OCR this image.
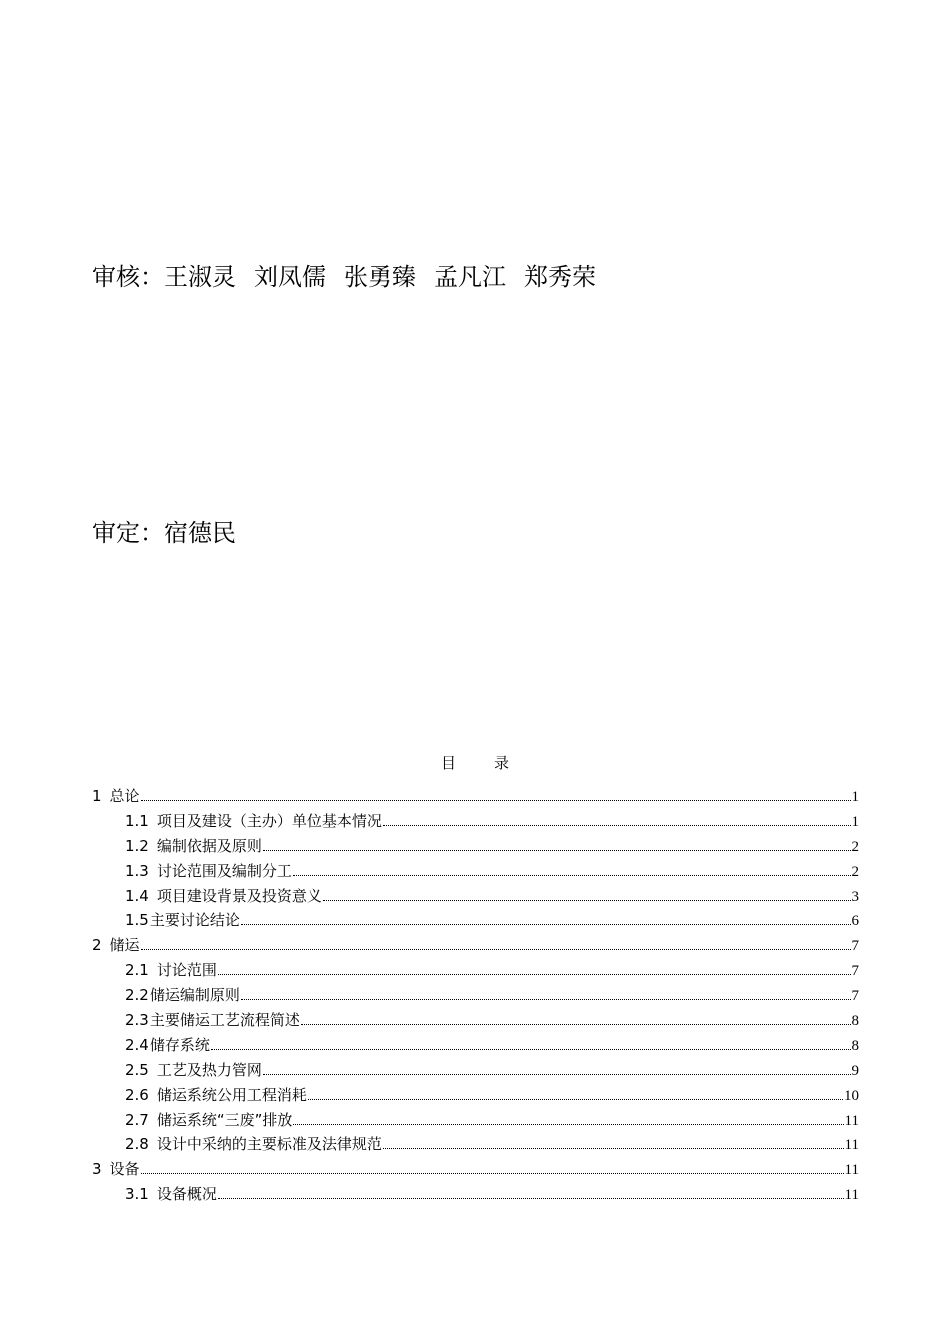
审核：王淑灵 刘凤儒 张勇臻 孟凡江 郑秀荣
审定：宿德民
目	录
1 总论	1
1.1 项目及建设（主办）单位基本情况	1
1.2 编制依据及原则	2
1.3 讨论范围及编制分工	2
1.4 项目建设背景及投资意义	3
1.5 主要讨论结论	6
2 储运	7
2.1 讨论范围	7
2.2 储运编制原则	7
2.3 主要储运工艺流程简述	8
2.4 储存系统	8
2.5 工艺及热力管网	9
2.6 储运系统公用工程消耗	10
2.7 储运系统“三废”排放	11
2.8 设计中采纳的主要标准及法律规范	11
3 设备	11
3.1 设备概况	11
